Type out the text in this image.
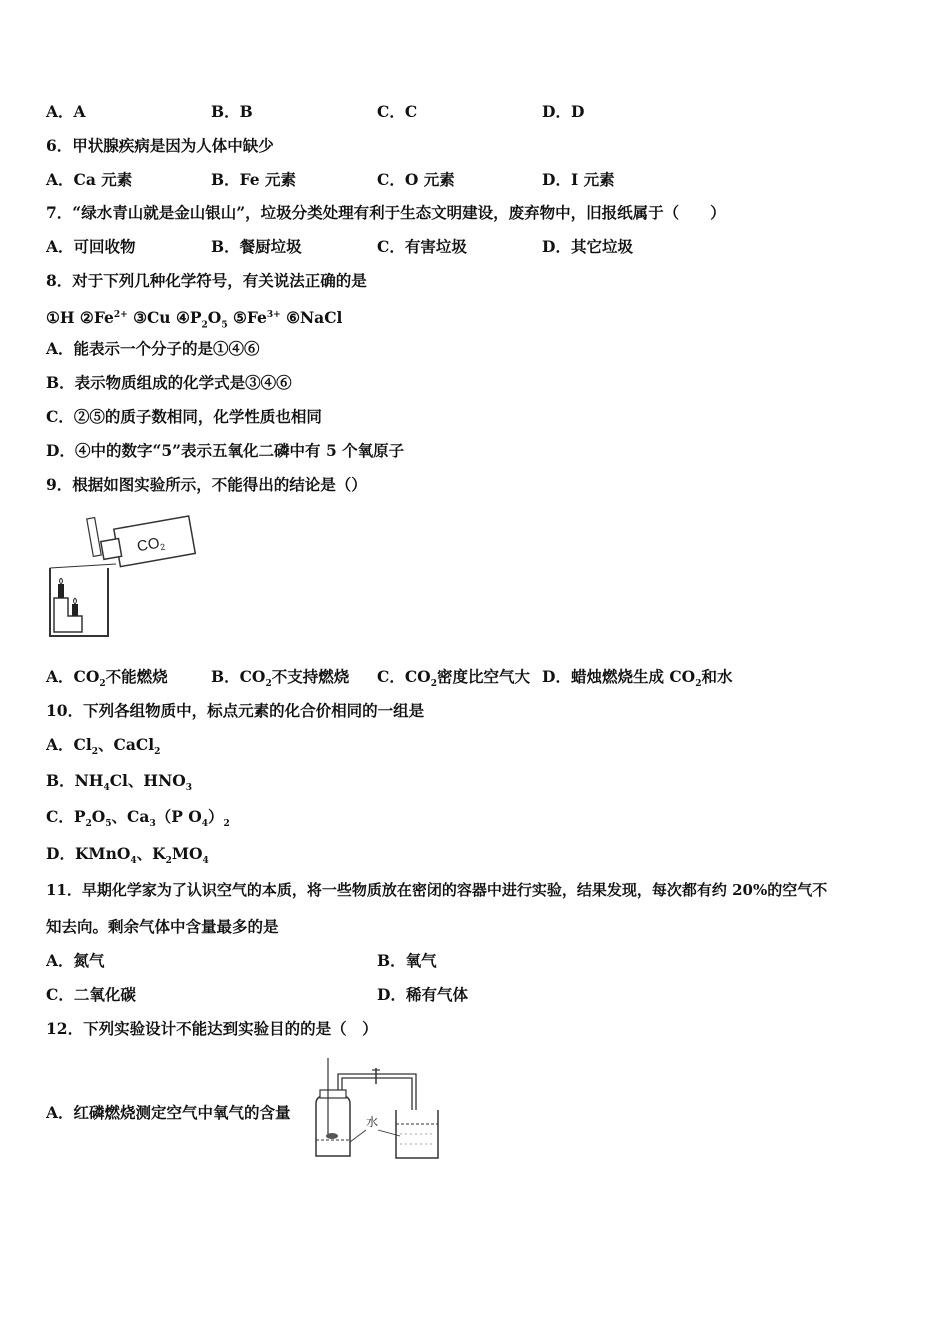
A．A	B．B	C．C	D．D
6．甲状腺疾病是因为人体中缺少
A．Ca 元素	B．Fe 元素	C．O 元素	D．I 元素
7．“绿水青山就是金山银山”，垃圾分类处理有利于生态文明建设，废弃物中，旧报纸属于（　　）
A．可回收物	B．餐厨垃圾	C．有害垃圾	D．其它垃圾
8．对于下列几种化学符号，有关说法正确的是
①H $②Fe^{2+}$ ③Cu $④P_2O_5$ $⑤Fe^{3+}$ ⑥NaCl
A．能表示一个分子的是①④⑥
B．表示物质组成的化学式是③④⑥
C．②⑤的质子数相同，化学性质也相同
D．④中的数字“5”表示五氧化二磷中有 5 个氧原子
9．根据如图实验所示，不能得出的结论是（）
$CO_2$
A．$CO_2$不能燃烧	B．$CO_2$不支持燃烧 C．$CO_2$密度比空气大 D．蜡烛燃烧生成 $CO_2$和水
10．下列各组物质中，标点元素的化合价相同的一组是
A．$Cl_2$、CaCl$_2$
B．$NH_4Cl$、$HNO_3$
C．$P_2O_5$、$Ca_3(P$ $O_4)_2$
D．KMnO$_4$、$K_2MO_4$
11．早期化学家为了认识空气的本质，将一些物质放在密闭的容器中进行实验，结果发现，每次都有约 20%的空气不
知去向。剩余气体中含量最多的是
A．氮气	B．氧气
C．二氧化碳	D．稀有气体
12．下列实验设计不能达到实验目的的是（　）
A．红磷燃烧测定空气中氧气的含量	水
